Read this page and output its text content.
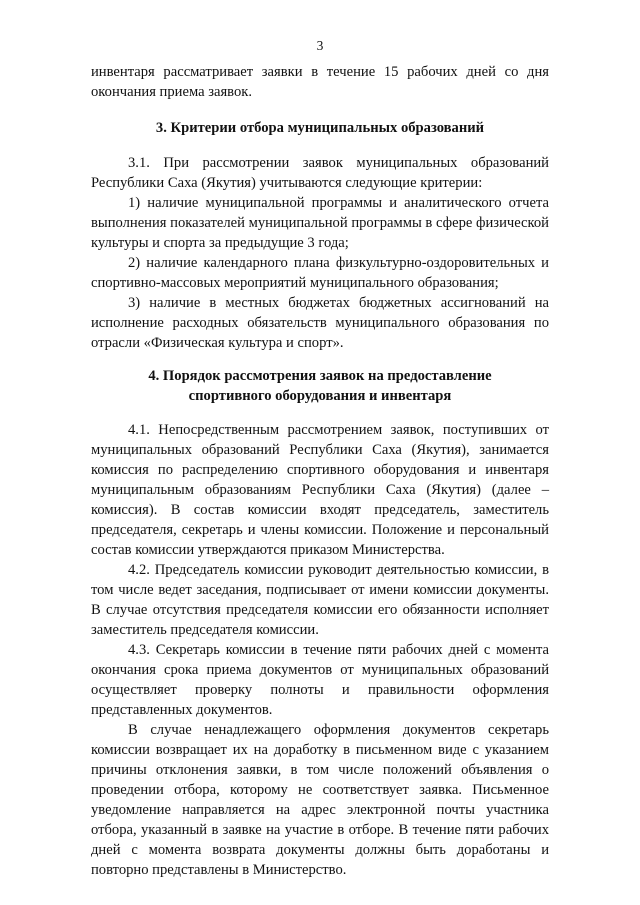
3

инвентаря рассматривает заявки в течение 15 рабочих дней со дня окончания приема заявок.

3. Критерии отбора муниципальных образований

3.1. При рассмотрении заявок муниципальных образований Республики Саха (Якутия) учитываются следующие критерии:

1) наличие муниципальной программы и аналитического отчета выполнения показателей муниципальной программы в сфере физической культуры и спорта за предыдущие 3 года;

2) наличие календарного плана физкультурно-оздоровительных и спортивно-массовых мероприятий муниципального образования;

3) наличие в местных бюджетах бюджетных ассигнований на исполнение расходных обязательств муниципального образования по отрасли «Физическая культура и спорт».

4. Порядок рассмотрения заявок на предоставление

спортивного оборудования и инвентаря

4.1. Непосредственным рассмотрением заявок, поступивших от муниципальных образований Республики Саха (Якутия), занимается комиссия по распределению спортивного оборудования и инвентаря муниципальным образованиям Республики Саха (Якутия) (далее – комиссия). В состав комиссии входят председатель, заместитель председателя, секретарь и члены комиссии. Положение и персональный состав комиссии утверждаются приказом Министерства.

4.2. Председатель комиссии руководит деятельностью комиссии, в том числе ведет заседания, подписывает от имени комиссии документы. В случае отсутствия председателя комиссии его обязанности исполняет заместитель председателя комиссии.

4.3. Секретарь комиссии в течение пяти рабочих дней с момента окончания срока приема документов от муниципальных образований осуществляет проверку полноты и правильности оформления представленных документов.

В случае ненадлежащего оформления документов секретарь комиссии возвращает их на доработку в письменном виде с указанием причины отклонения заявки, в том числе положений объявления о проведении отбора, которому не соответствует заявка. Письменное уведомление направляется на адрес электронной почты участника отбора, указанный в заявке на участие в отборе. В течение пяти рабочих дней с момента возврата документы должны быть доработаны и повторно представлены в Министерство.
